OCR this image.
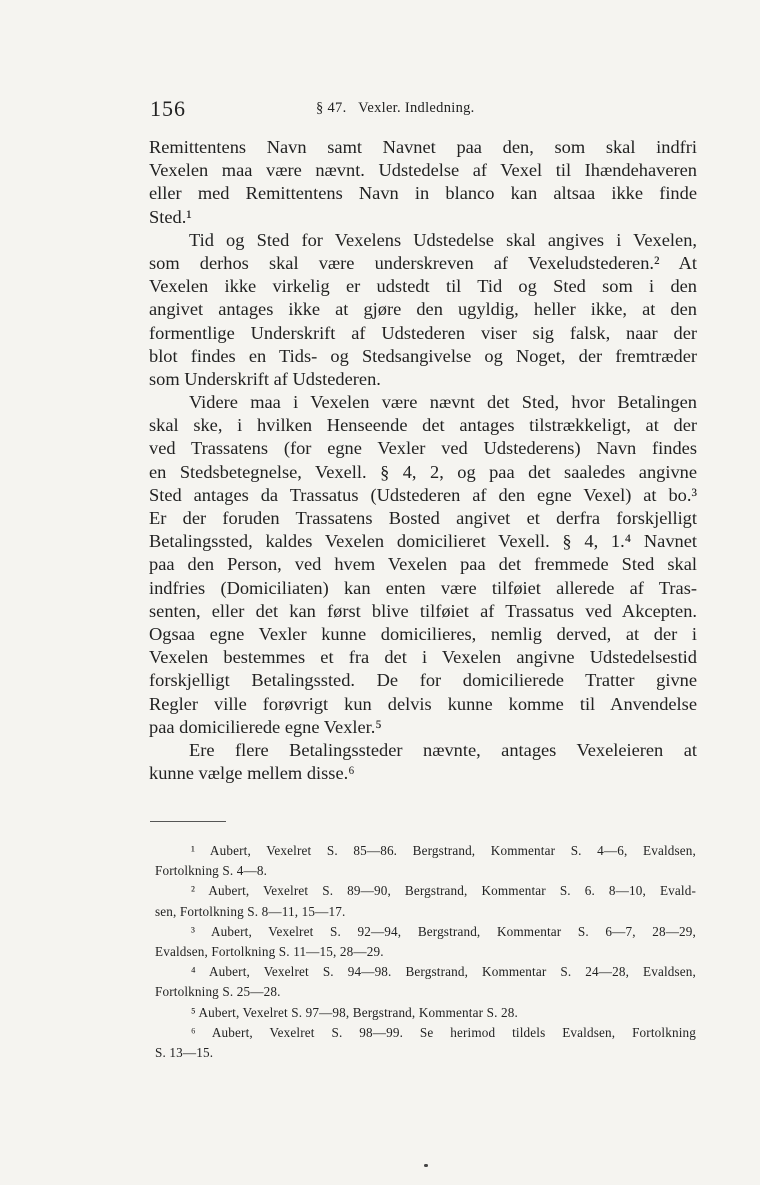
156	§ 47. Vexler. Indledning.
Remittentens Navn samt Navnet paa den, som skal indfri
Vexelen maa være nævnt. Udstedelse af Vexel til Ihændehaveren
eller med Remittentens Navn in blanco kan altsaa ikke finde
Sted.¹
Tid og Sted for Vexelens Udstedelse skal angives i Vexelen,
som derhos skal være underskreven af Vexeludstederen.² At
Vexelen ikke virkelig er udstedt til Tid og Sted som i den
angivet antages ikke at gjøre den ugyldig, heller ikke, at den
formentlige Underskrift af Udstederen viser sig falsk, naar der
blot findes en Tids- og Stedsangivelse og Noget, der fremtræder
som Underskrift af Udstederen.
Videre maa i Vexelen være nævnt det Sted, hvor Betalingen
skal ske, i hvilken Henseende det antages tilstrækkeligt, at der
ved Trassatens (for egne Vexler ved Udstederens) Navn findes
en Stedsbetegnelse, Vexell. § 4, 2, og paa det saaledes angivne
Sted antages da Trassatus (Udstederen af den egne Vexel) at bo.³
Er der foruden Trassatens Bosted angivet et derfra forskjelligt
Betalingssted, kaldes Vexelen domicilieret Vexell. § 4, 1.⁴ Navnet
paa den Person, ved hvem Vexelen paa det fremmede Sted skal
indfries (Domiciliaten) kan enten være tilføiet allerede af Tras-
senten, eller det kan først blive tilføiet af Trassatus ved Akcepten.
Ogsaa egne Vexler kunne domicilieres, nemlig derved, at der i
Vexelen bestemmes et fra det i Vexelen angivne Udstedelsestid
forskjelligt Betalingssted. De for domicilierede Tratter givne
Regler ville forøvrigt kun delvis kunne komme til Anvendelse
paa domicilierede egne Vexler.⁵
Ere flere Betalingssteder nævnte, antages Vexeleieren at
kunne vælge mellem disse.⁶
¹ Aubert, Vexelret S. 85—86. Bergstrand, Kommentar S. 4—6, Evaldsen,
Fortolkning S. 4—8.
² Aubert, Vexelret S. 89—90, Bergstrand, Kommentar S. 6. 8—10, Evald-
sen, Fortolkning S. 8—11, 15—17.
³ Aubert, Vexelret S. 92—94, Bergstrand, Kommentar S. 6—7, 28—29,
Evaldsen, Fortolkning S. 11—15, 28—29.
⁴ Aubert, Vexelret S. 94—98. Bergstrand, Kommentar S. 24—28, Evaldsen,
Fortolkning S. 25—28.
⁵ Aubert, Vexelret S. 97—98, Bergstrand, Kommentar S. 28.
⁶ Aubert, Vexelret S. 98—99. Se herimod tildels Evaldsen, Fortolkning
S. 13—15.
